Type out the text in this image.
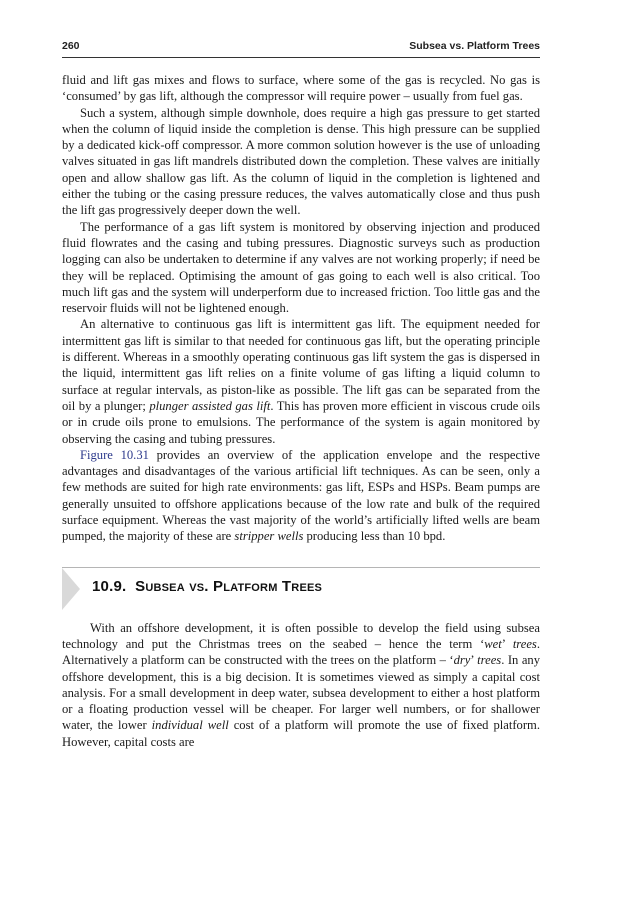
260	Subsea vs. Platform Trees

fluid and lift gas mixes and flows to surface, where some of the gas is recycled. No gas is ‘consumed’ by gas lift, although the compressor will require power – usually from fuel gas.

Such a system, although simple downhole, does require a high gas pressure to get started when the column of liquid inside the completion is dense. This high pressure can be supplied by a dedicated kick-off compressor. A more common solution however is the use of unloading valves situated in gas lift mandrels distributed down the completion. These valves are initially open and allow shallow gas lift. As the column of liquid in the completion is lightened and either the tubing or the casing pressure reduces, the valves automatically close and thus push the lift gas progressively deeper down the well.

The performance of a gas lift system is monitored by observing injection and produced fluid flowrates and the casing and tubing pressures. Diagnostic surveys such as production logging can also be undertaken to determine if any valves are not working properly; if need be they will be replaced. Optimising the amount of gas going to each well is also critical. Too much lift gas and the system will underperform due to increased friction. Too little gas and the reservoir fluids will not be lightened enough.

An alternative to continuous gas lift is intermittent gas lift. The equipment needed for intermittent gas lift is similar to that needed for continuous gas lift, but the operating principle is different. Whereas in a smoothly operating continuous gas lift system the gas is dispersed in the liquid, intermittent gas lift relies on a finite volume of gas lifting a liquid column to surface at regular intervals, as piston-like as possible. The lift gas can be separated from the oil by a plunger; plunger assisted gas lift. This has proven more efficient in viscous crude oils or in crude oils prone to emulsions. The performance of the system is again monitored by observing the casing and tubing pressures.

Figure 10.31 provides an overview of the application envelope and the respective advantages and disadvantages of the various artificial lift techniques. As can be seen, only a few methods are suited for high rate environments: gas lift, ESPs and HSPs. Beam pumps are generally unsuited to offshore applications because of the low rate and bulk of the required surface equipment. Whereas the vast majority of the world’s artificially lifted wells are beam pumped, the majority of these are stripper wells producing less than 10 bpd.

10.9. Subsea vs. Platform Trees

With an offshore development, it is often possible to develop the field using subsea technology and put the Christmas trees on the seabed – hence the term ‘wet’ trees. Alternatively a platform can be constructed with the trees on the platform – ‘dry’ trees. In any offshore development, this is a big decision. It is sometimes viewed as simply a capital cost analysis. For a small development in deep water, subsea development to either a host platform or a floating production vessel will be cheaper. For larger well numbers, or for shallower water, the lower individual well cost of a platform will promote the use of fixed platform. However, capital costs are
